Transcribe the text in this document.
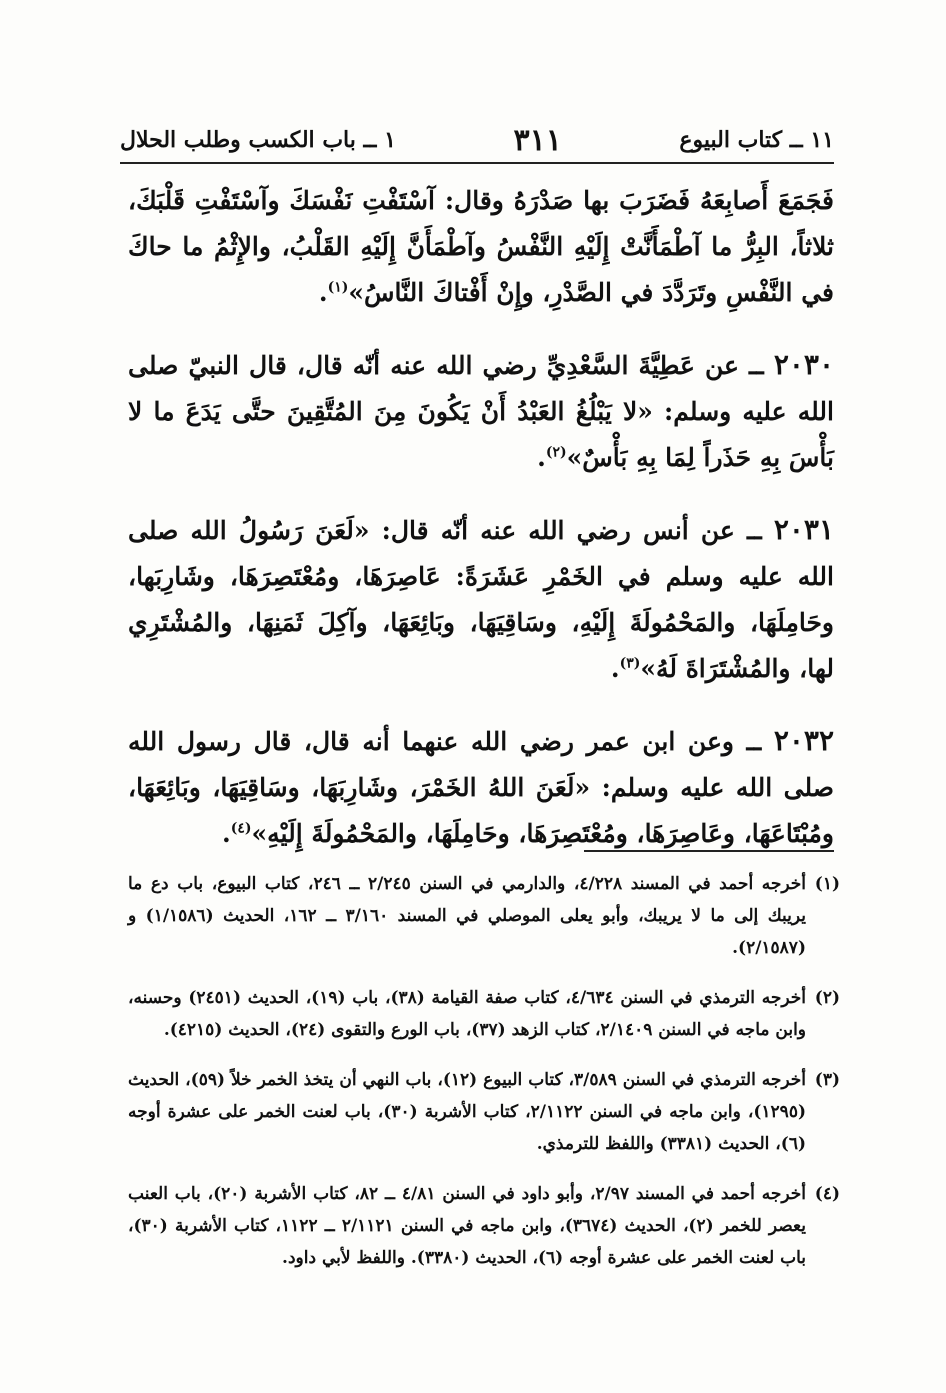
١١ ــ كتاب البيوع
٣١١
١ ــ باب الكسب وطلب الحلال

فَجَمَعَ أَصابِعَهُ فَضَرَبَ بها صَدْرَهُ وقال: آسْتَفْتِ نَفْسَكَ وآسْتَفْتِ قَلْبَكَ، ثلاثاً، البِرُّ ما آطْمَأَنَّتْ إِلَيْهِ النَّفْسُ وآطْمَأَنَّ إِلَيْهِ القَلْبُ، والإِثْمُ ما حاكَ في النَّفْسِ وتَرَدَّدَ في الصَّدْرِ، وإِنْ أَفْتاكَ النَّاسُ»$^{(١)}$.

٢٠٣٠ ــ عن عَطِيَّةَ السَّعْدِيِّ رضي الله عنه أنّه قال، قال النبيّ صلى الله عليه وسلم: «لا يَبْلُغُ العَبْدُ أَنْ يَكُونَ مِنَ المُتَّقِينَ حتَّى يَدَعَ ما لا بَأْسَ بِهِ حَذَراً لِمَا بِهِ بَأْسٌ»$^{(٢)}$.

٢٠٣١ ــ عن أنس رضي الله عنه أنّه قال: «لَعَنَ رَسُولُ الله صلى الله عليه وسلم في الخَمْرِ عَشَرَةً: عَاصِرَهَا، ومُعْتَصِرَهَا، وشَارِبَها، وحَامِلَهَا، والمَحْمُولَةَ إِلَيْهِ، وسَاقِيَهَا، وبَائِعَهَا، وآكِلَ ثَمَنِهَا، والمُشْتَرِي لها، والمُشْتَرَاةَ لَهُ»$^{(٣)}$.

٢٠٣٢ ــ وعن ابن عمر رضي الله عنهما أنه قال، قال رسول الله صلى الله عليه وسلم: «لَعَنَ اللهُ الخَمْرَ، وشَارِبَهَا، وسَاقِيَهَا، وبَائِعَهَا، ومُبْتَاعَهَا، وعَاصِرَهَا، ومُعْتَصِرَهَا، وحَامِلَهَا، والمَحْمُولَةَ إِلَيْهِ»$^{(٤)}$.

(١)
أخرجه أحمد في المسند ٤/٢٢٨، والدارمي في السنن ٢/٢٤٥ ــ ٢٤٦، كتاب البيوع، باب دع ما يريبك إلى ما لا يريبك، وأبو يعلى الموصلي في المسند ٣/١٦٠ ــ ١٦٢، الحديث (١/١٥٨٦) و (٢/١٥٨٧).
(٢)
أخرجه الترمذي في السنن ٤/٦٣٤، كتاب صفة القيامة (٣٨)، باب (١٩)، الحديث (٢٤٥١) وحسنه، وابن ماجه في السنن ٢/١٤٠٩، كتاب الزهد (٣٧)، باب الورع والتقوى (٢٤)، الحديث (٤٢١٥).
(٣)
أخرجه الترمذي في السنن ٣/٥٨٩، كتاب البيوع (١٢)، باب النهي أن يتخذ الخمر خلاً (٥٩)، الحديث (١٢٩٥)، وابن ماجه في السنن ٢/١١٢٢، كتاب الأشربة (٣٠)، باب لعنت الخمر على عشرة أوجه (٦)، الحديث (٣٣٨١) واللفظ للترمذي.
(٤)
أخرجه أحمد في المسند ٢/٩٧، وأبو داود في السنن ٤/٨١ ــ ٨٢، كتاب الأشربة (٢٠)، باب العنب يعصر للخمر (٢)، الحديث (٣٦٧٤)، وابن ماجه في السنن ٢/١١٢١ ــ ١١٢٢، كتاب الأشربة (٣٠)، باب لعنت الخمر على عشرة أوجه (٦)، الحديث (٣٣٨٠). واللفظ لأبي داود.
